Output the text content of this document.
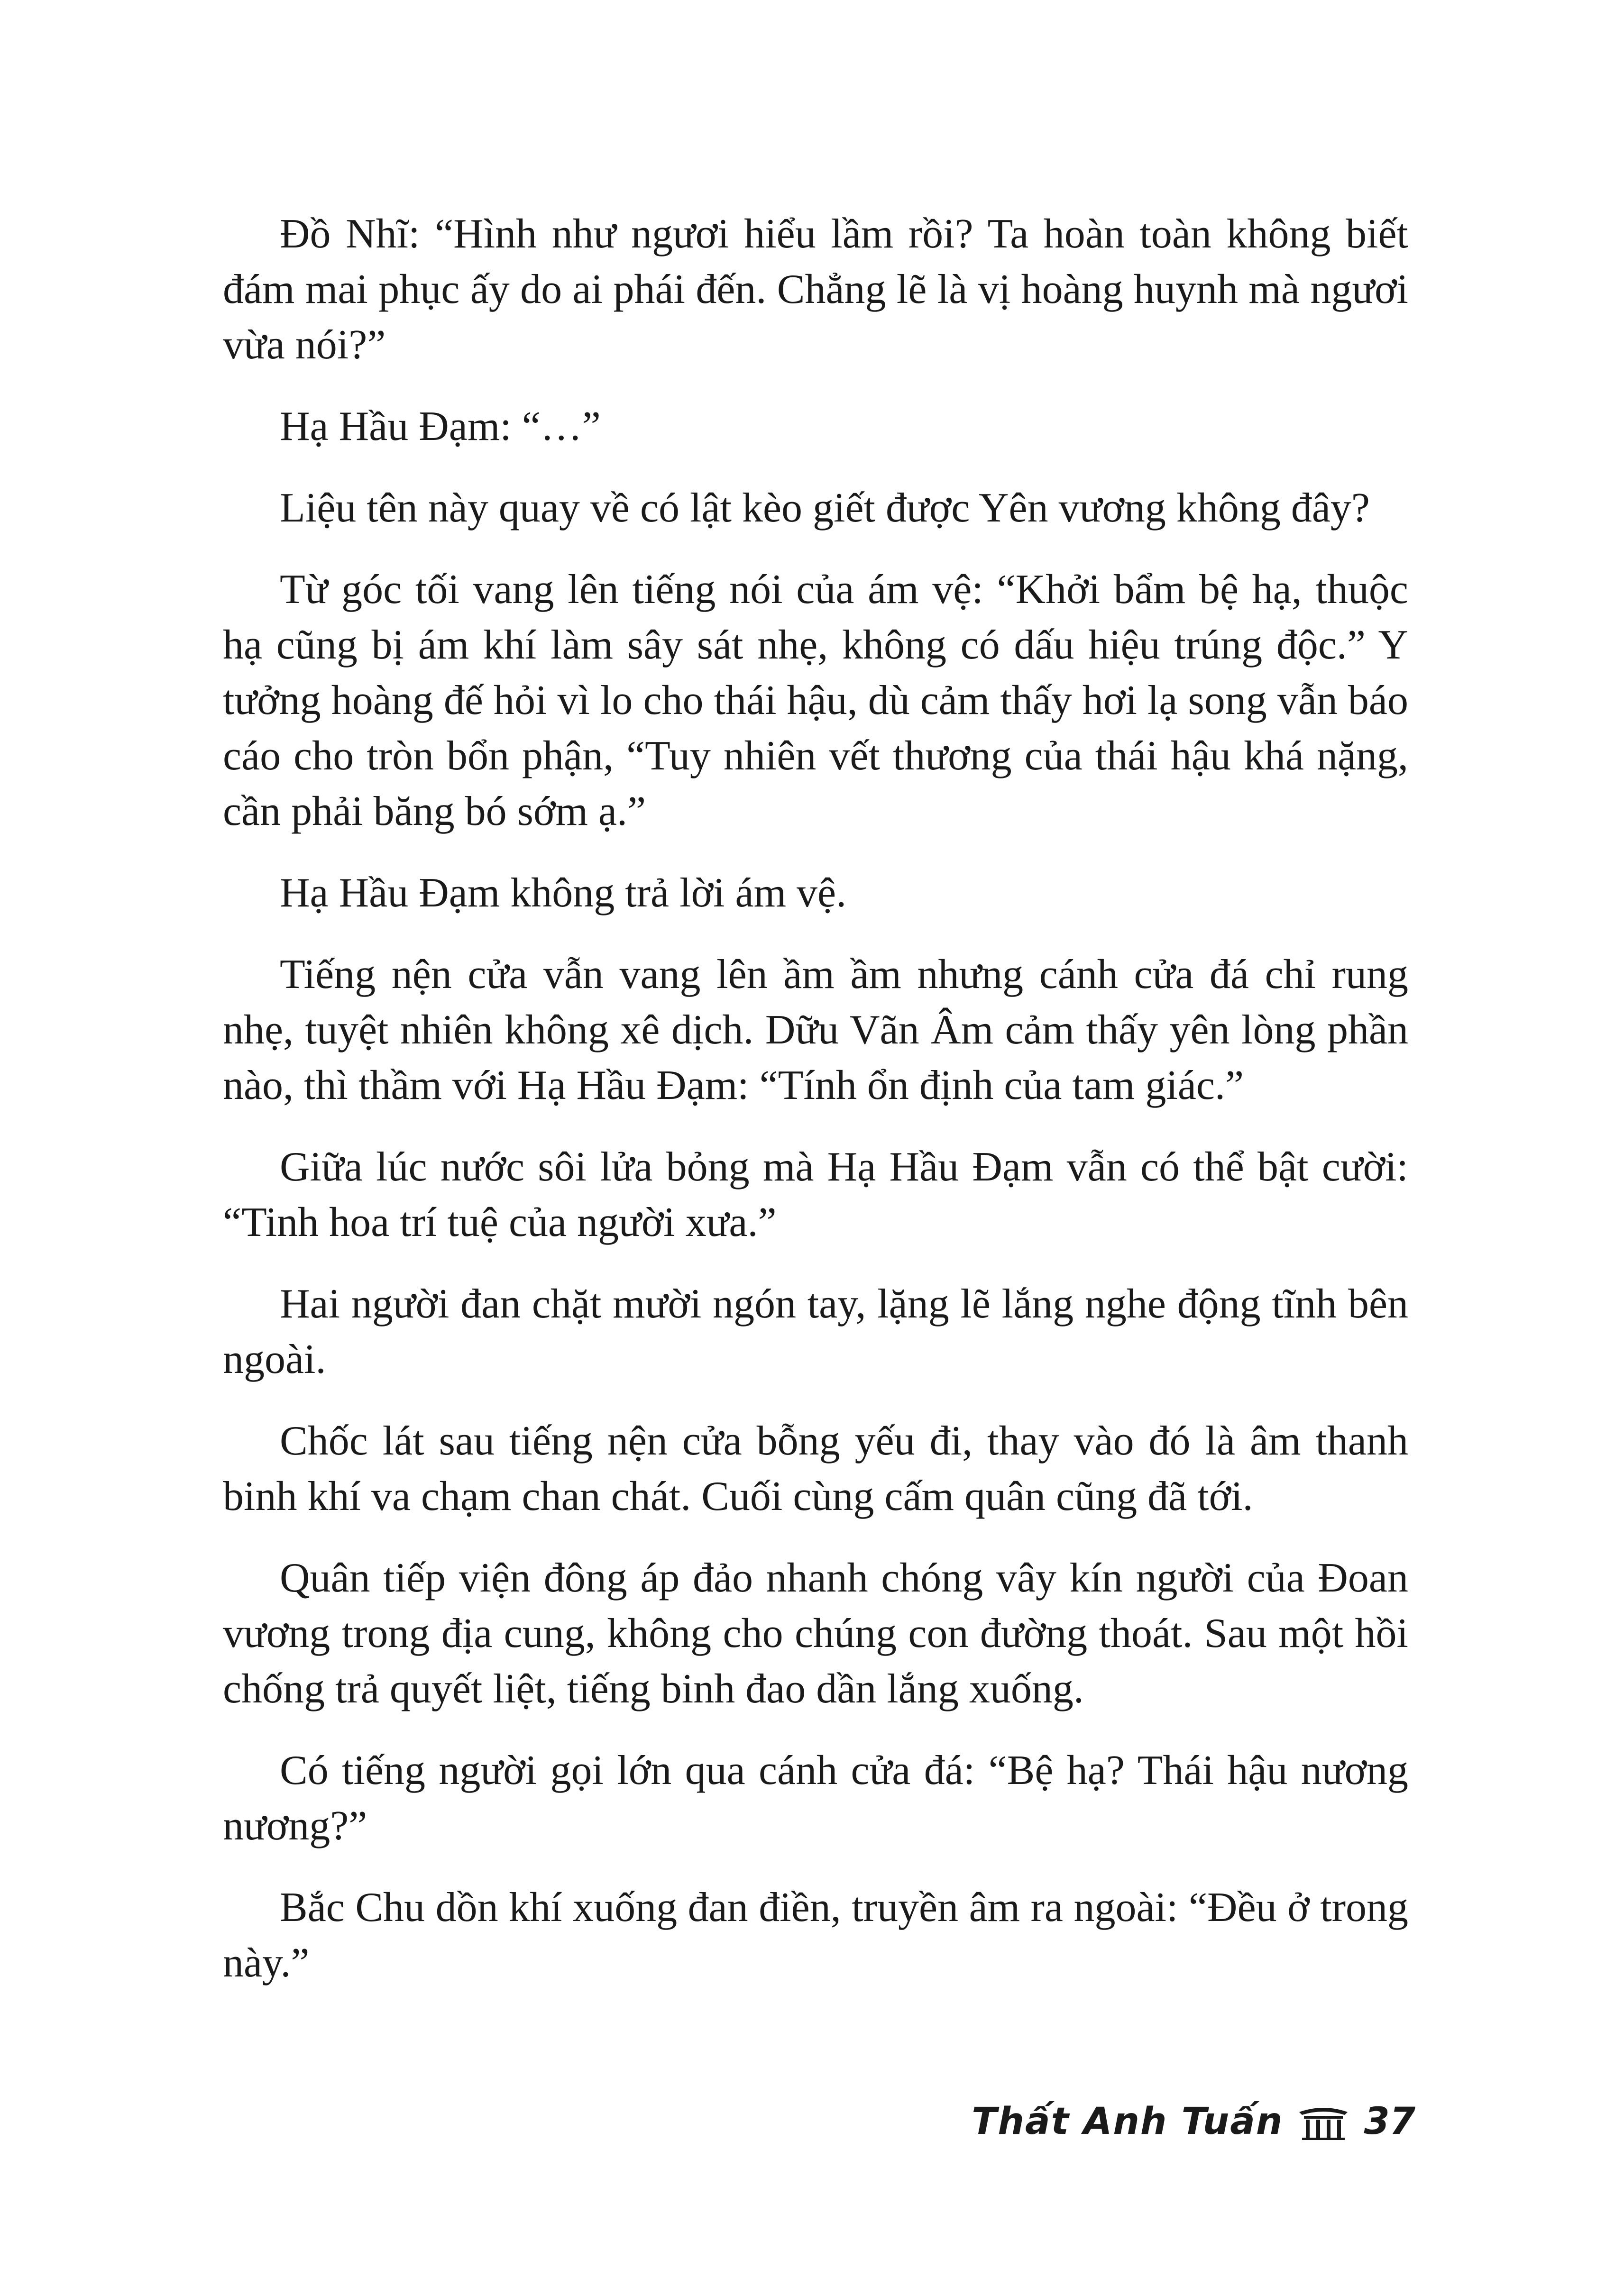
Đồ Nhĩ: “Hình như ngươi hiểu lầm rồi? Ta hoàn toàn không biết đám mai phục ấy do ai phái đến. Chẳng lẽ là vị hoàng huynh mà ngươi vừa nói?”

Hạ Hầu Đạm: “…”

Liệu tên này quay về có lật kèo giết được Yên vương không đây?

Từ góc tối vang lên tiếng nói của ám vệ: “Khởi bẩm bệ hạ, thuộc hạ cũng bị ám khí làm sây sát nhẹ, không có dấu hiệu trúng độc.” Y tưởng hoàng đế hỏi vì lo cho thái hậu, dù cảm thấy hơi lạ song vẫn báo cáo cho tròn bổn phận, “Tuy nhiên vết thương của thái hậu khá nặng, cần phải băng bó sớm ạ.”

Hạ Hầu Đạm không trả lời ám vệ.

Tiếng nện cửa vẫn vang lên ầm ầm nhưng cánh cửa đá chỉ rung nhẹ, tuyệt nhiên không xê dịch. Dữu Vãn Âm cảm thấy yên lòng phần nào, thì thầm với Hạ Hầu Đạm: “Tính ổn định của tam giác.”

Giữa lúc nước sôi lửa bỏng mà Hạ Hầu Đạm vẫn có thể bật cười: “Tinh hoa trí tuệ của người xưa.”

Hai người đan chặt mười ngón tay, lặng lẽ lắng nghe động tĩnh bên ngoài.

Chốc lát sau tiếng nện cửa bỗng yếu đi, thay vào đó là âm thanh binh khí va chạm chan chát. Cuối cùng cấm quân cũng đã tới.

Quân tiếp viện đông áp đảo nhanh chóng vây kín người của Đoan vương trong địa cung, không cho chúng con đường thoát. Sau một hồi chống trả quyết liệt, tiếng binh đao dần lắng xuống.

Có tiếng người gọi lớn qua cánh cửa đá: “Bệ hạ? Thái hậu nương nương?”

Bắc Chu dồn khí xuống đan điền, truyền âm ra ngoài: “Đều ở trong này.”

Thất Anh Tuấn 37
